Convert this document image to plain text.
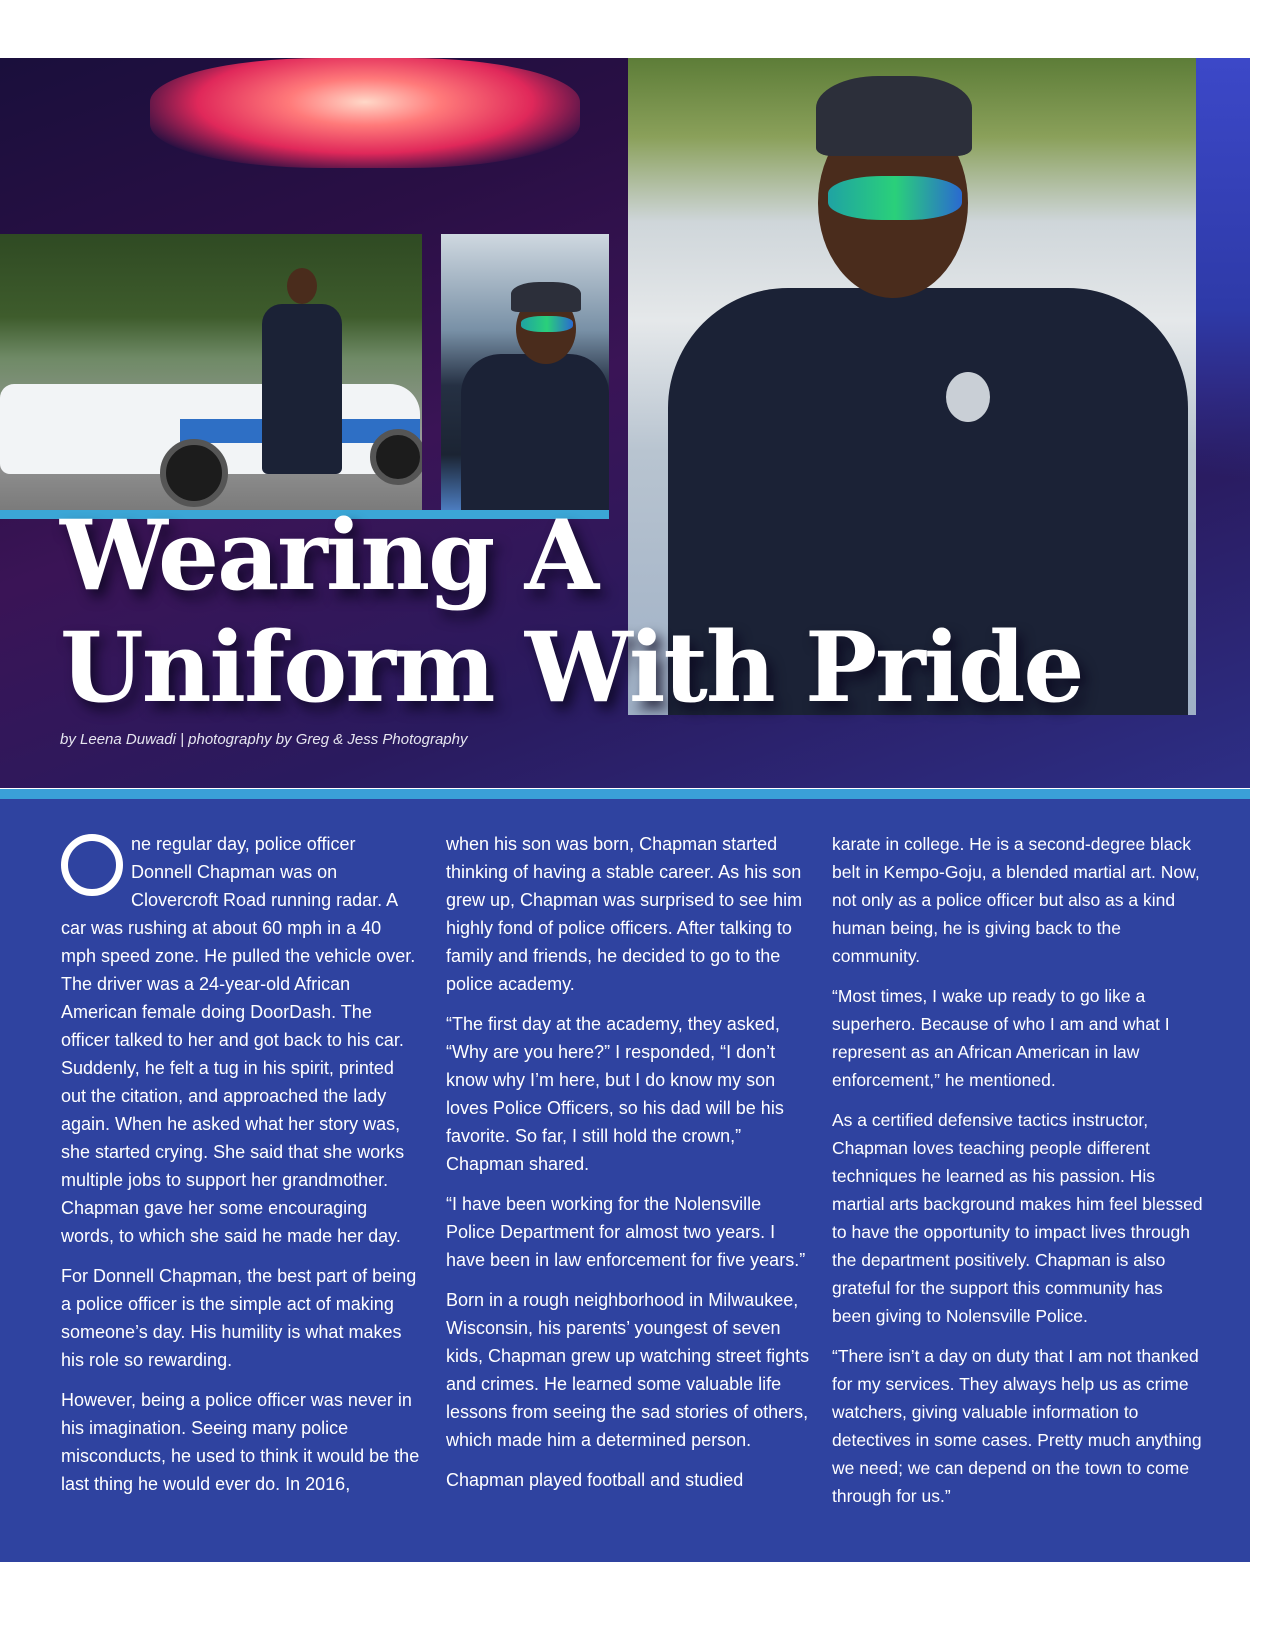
Wearing A
Uniform With Pride

by Leena Duwadi | photography by Greg & Jess Photography

ne regular day, police officer Donnell Chapman was on Clovercroft Road running radar. A car was rushing at about 60 mph in a 40 mph speed zone. He pulled the vehicle over. The driver was a 24-year-old African American female doing DoorDash. The officer talked to her and got back to his car. Suddenly, he felt a tug in his spirit, printed out the citation, and approached the lady again. When he asked what her story was, she started crying. She said that she works multiple jobs to support her grandmother. Chapman gave her some encouraging words, to which she said he made her day.

For Donnell Chapman, the best part of being a police officer is the simple act of making someone’s day. His humility is what makes his role so rewarding.

However, being a police officer was never in his imagination. Seeing many police misconducts, he used to think it would be the last thing he would ever do. In 2016,

when his son was born, Chapman started thinking of having a stable career. As his son grew up, Chapman was surprised to see him highly fond of police officers. After talking to family and friends, he decided to go to the police academy.

“The first day at the academy, they asked, “Why are you here?” I responded, “I don’t know why I’m here, but I do know my son loves Police Officers, so his dad will be his favorite. So far, I still hold the crown,” Chapman shared.

“I have been working for the Nolensville Police Department for almost two years. I have been in law enforcement for five years.”

Born in a rough neighborhood in Milwaukee, Wisconsin, his parents’ youngest of seven kids, Chapman grew up watching street fights and crimes. He learned some valuable life lessons from seeing the sad stories of others, which made him a determined person.

Chapman played football and studied

karate in college. He is a second-degree black belt in Kempo-Goju, a blended martial art. Now, not only as a police officer but also as a kind human being, he is giving back to the community.

“Most times, I wake up ready to go like a superhero. Because of who I am and what I represent as an African American in law enforcement,” he mentioned.

As a certified defensive tactics instructor, Chapman loves teaching people different techniques he learned as his passion. His martial arts background makes him feel blessed to have the opportunity to impact lives through the department positively. Chapman is also grateful for the support this community has been giving to Nolensville Police.

“There isn’t a day on duty that I am not thanked for my services. They always help us as crime watchers, giving valuable information to detectives in some cases. Pretty much anything we need; we can depend on the town to come through for us.”
